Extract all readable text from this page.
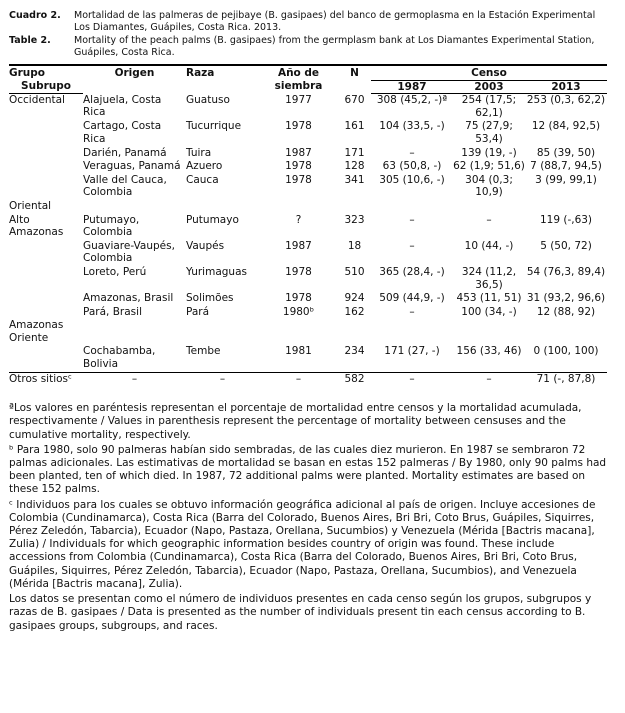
Cuadro 2.	Mortalidad de las palmeras de pejibaye (B. gasipaes) del banco de germoplasma en la Estación Experimental Los Diamantes, Guápiles, Costa Rica. 2013.
Table 2.	Mortality of the peach palms (B. gasipaes) from the germplasm bank at Los Diamantes Experimental Station, Guápiles, Costa Rica.
Grupo	Origen	Raza	Año de siembra	N	Censo		
Subrupo					1987	2003	2013
Occidental	Alajuela, Costa Rica	Guatuso	1977	670	308 (45,2, -)ª	254 (17,5; 62,1)	253 (0,3, 62,2)
	Cartago, Costa Rica	Tucurrique	1978	161	104 (33,5, -)	75 (27,9; 53,4)	12 (84, 92,5)
	Darién, Panamá	Tuira	1987	171	–	139 (19, -)	85 (39, 50)
	Veraguas, Panamá	Azuero	1978	128	63 (50,8, -)	62 (1,9; 51,6)	7 (88,7, 94,5)
	Valle del Cauca, Colombia	Cauca	1978	341	305 (10,6, -)	304 (0,3; 10,9)	3 (99, 99,1)
Oriental							
Alto Amazonas	Putumayo, Colombia	Putumayo	?	323	–	–	119 (-,63)
	Guaviare-Vaupés, Colombia	Vaupés	1987	18	–	10 (44, -)	5 (50, 72)
	Loreto, Perú	Yurimaguas	1978	510	365 (28,4, -)	324 (11,2, 36,5)	54 (76,3, 89,4)
	Amazonas, Brasil	Solimões	1978	924	509 (44,9, -)	453 (11, 51)	31 (93,2, 96,6)
	Pará, Brasil	Pará	1980ᵇ	162	–	100 (34, -)	12 (88, 92)
Amazonas Oriente							
	Cochabamba, Bolivia	Tembe	1981	234	171 (27, -)	156 (33, 46)	0 (100, 100)
Otros sitiosᶜ	–	–	–	582	–	–	71 (-, 87,8)

ªLos valores en paréntesis representan el porcentaje de mortalidad entre censos y la mortalidad acumulada, respectivamente / Values in parenthesis represent the percentage of mortality between censuses and the cumulative mortality, respectively.

ᵇ Para 1980, solo 90 palmeras habían sido sembradas, de las cuales diez murieron. En 1987 se sembraron 72 palmas adicionales. Las estimativas de mortalidad se basan en estas 152 palmeras / By 1980, only 90 palms had been planted, ten of which died. In 1987, 72 additional palms were planted. Mortality estimates are based on these 152 palms.

ᶜ Individuos para los cuales se obtuvo información geográfica adicional al país de origen. Incluye accesiones de Colombia (Cundinamarca), Costa Rica (Barra del Colorado, Buenos Aires, Bri Bri, Coto Brus, Guápiles, Siquirres, Pérez Zeledón, Tabarcia), Ecuador (Napo, Pastaza, Orellana, Sucumbios) y Venezuela (Mérida [Bactris macana], Zulia) / Individuals for which geographic information besides country of origin was found. These include accessions from Colombia (Cundinamarca), Costa Rica (Barra del Colorado, Buenos Aires, Bri Bri, Coto Brus, Guápiles, Siquirres, Pérez Zeledón, Tabarcia), Ecuador (Napo, Pastaza, Orellana, Sucumbios), and Venezuela (Mérida [Bactris macana], Zulia).

Los datos se presentan como el número de individuos presentes en cada censo según los grupos, subgrupos y razas de B. gasipaes / Data is presented as the number of individuals present tin each census according to B. gasipaes groups, subgroups, and races.
